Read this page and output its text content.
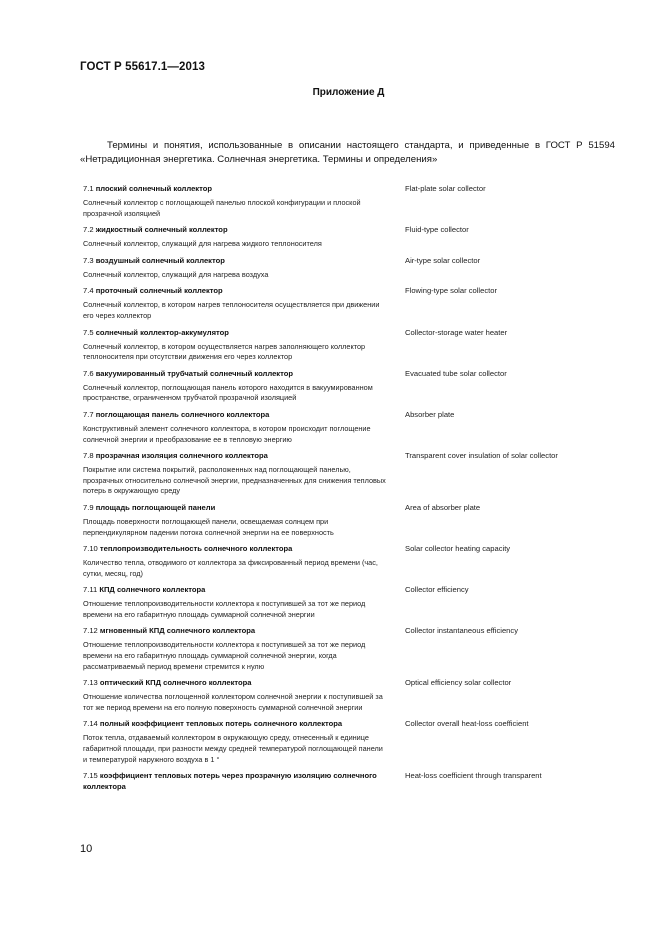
ГОСТ Р 55617.1—2013
Приложение Д
Термины и понятия, использованные в описании настоящего стандарта, и приведенные в ГОСТ Р 51594 «Нетрадиционная энергетика. Солнечная энергетика. Термины и определения»
7.1 плоский солнечный коллектор
Солнечный коллектор с поглощающей панелью плоской конфигурации и плоской прозрачной изоляцией
Flat-plate solar collector
7.2 жидкостный солнечный коллектор
Солнечный коллектор, служащий для нагрева жидкого теплоносителя
Fluid-type collector
7.3 воздушный солнечный коллектор
Солнечный коллектор, служащий для нагрева воздуха
Air-type solar collector
7.4 проточный солнечный коллектор
Солнечный коллектор, в котором нагрев теплоносителя осуществляется при движении его через коллектор
Flowing-type solar collector
7.5 солнечный коллектор-аккумулятор
Солнечный коллектор, в котором осуществляется нагрев заполняющего коллектор теплоносителя при отсутствии движения его через коллектор
Collector-storage water heater
7.6 вакуумированный трубчатый солнечный коллектор
Солнечный коллектор, поглощающая панель которого находится в вакуумированном пространстве, ограниченном трубчатой прозрачной изоляцией
Evacuated tube solar collector
7.7 поглощающая панель солнечного коллектора
Конструктивный элемент солнечного коллектора, в котором происходит поглощение солнечной энергии и преобразование ее в тепловую энергию
Absorber plate
7.8 прозрачная изоляция солнечного коллектора
Покрытие или система покрытий, расположенных над поглощающей панелью, прозрачных относительно солнечной энергии, предназначенных для снижения тепловых потерь в окружающую среду
Transparent cover insulation of solar collector
7.9 площадь поглощающей панели
Площадь поверхности поглощающей панели, освещаемая солнцем при перпендикулярном падении потока солнечной энергии на ее поверхность
Area of absorber plate
7.10 теплопроизводительность солнечного коллектора
Количество тепла, отводимого от коллектора за фиксированный период времени (час, сутки, месяц, год)
Solar collector heating capacity
7.11 КПД солнечного коллектора
Отношение теплопроизводительности коллектора к поступившей за тот же период времени на его габаритную площадь суммарной солнечной энергии
Collector efficiency
7.12 мгновенный КПД солнечного коллектора
Отношение теплопроизводительности коллектора к поступившей за тот же период времени на его габаритную площадь суммарной солнечной энергии, когда рассматриваемый период времени стремится к нулю
Collector instantaneous efficiency
7.13 оптический КПД солнечного коллектора
Отношение количества поглощенной коллектором солнечной энергии к поступившей за тот же период времени на его полную поверхность суммарной солнечной энергии
Optical efficiency solar collector
7.14 полный коэффициент тепловых потерь солнечного коллектора
Поток тепла, отдаваемый коллектором в окружающую среду, отнесенный к единице габаритной площади, при разности между средней температурой поглощающей панели и температурой наружного воздуха в 1 °
Collector overall heat-loss coefficient
7.15 коэффициент тепловых потерь через прозрачную изоляцию солнечного коллектора
Heat-loss coefficient through transparent
10
